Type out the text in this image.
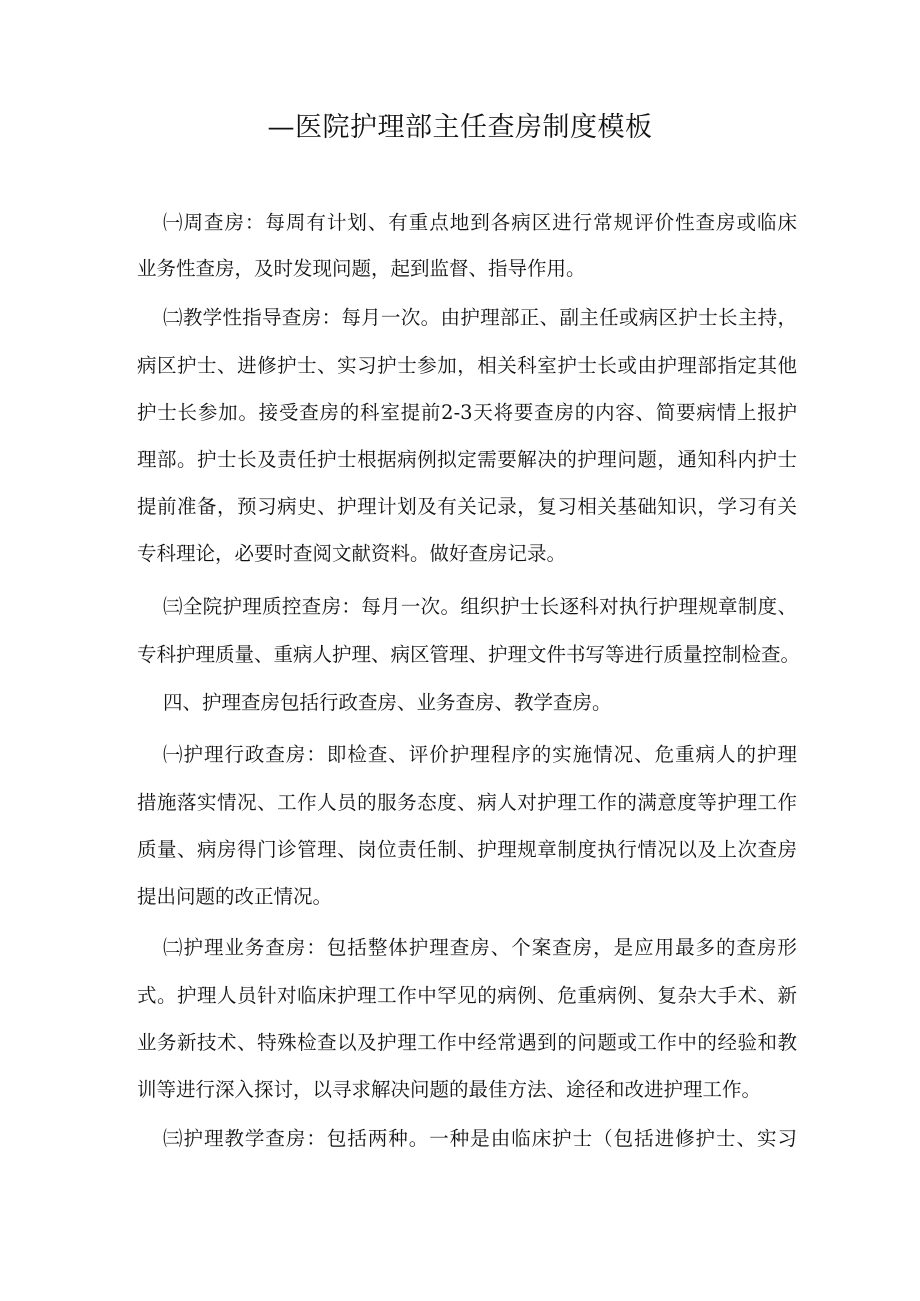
—医院护理部主任查房制度模板
㈠周查房：每周有计划、有重点地到各病区进行常规评价性查房或临床
业务性查房，及时发现问题，起到监督、指导作用。
㈡教学性指导查房：每月一次。由护理部正、副主任或病区护士长主持，
病区护士、进修护士、实习护士参加，相关科室护士长或由护理部指定其他
护士长参加。接受查房的科室提前2-3天将要查房的内容、简要病情上报护
理部。护士长及责任护士根据病例拟定需要解决的护理问题，通知科内护士
提前准备，预习病史、护理计划及有关记录，复习相关基础知识，学习有关
专科理论，必要时查阅文献资料。做好查房记录。
㈢全院护理质控查房：每月一次。组织护士长逐科对执行护理规章制度、
专科护理质量、重病人护理、病区管理、护理文件书写等进行质量控制检查。
四、护理查房包括行政查房、业务查房、教学查房。
㈠护理行政查房：即检查、评价护理程序的实施情况、危重病人的护理
措施落实情况、工作人员的服务态度、病人对护理工作的满意度等护理工作
质量、病房得门诊管理、岗位责任制、护理规章制度执行情况以及上次查房
提出问题的改正情况。
㈡护理业务查房：包括整体护理查房、个案查房，是应用最多的查房形
式。护理人员针对临床护理工作中罕见的病例、危重病例、复杂大手术、新
业务新技术、特殊检查以及护理工作中经常遇到的问题或工作中的经验和教
训等进行深入探讨，以寻求解决问题的最佳方法、途径和改进护理工作。
㈢护理教学查房：包括两种。一种是由临床护士（包括进修护士、实习
